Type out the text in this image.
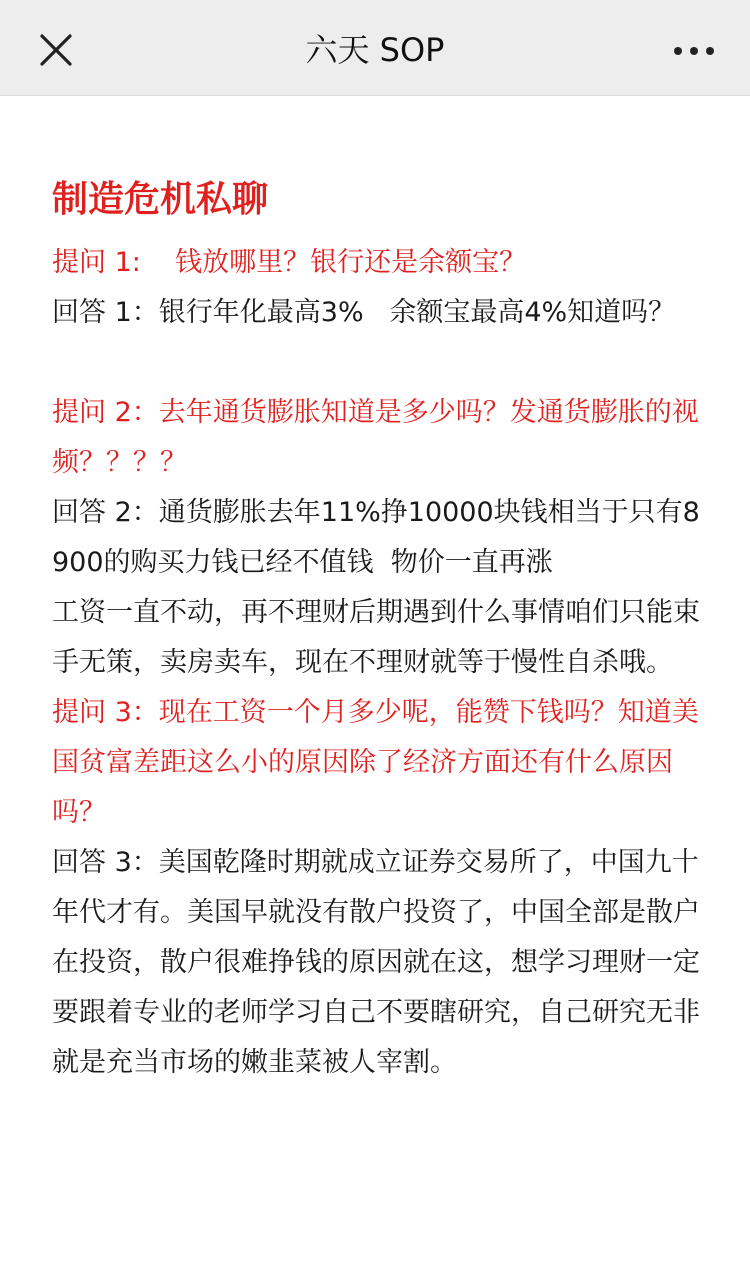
六天 SOP
制造危机私聊

提问 1:    钱放哪里？银行还是余额宝？

回答 1：银行年化最高3%   余额宝最高4%知道吗？

提问 2：去年通货膨胀知道是多少吗？发通货膨胀的视频？？？？

回答 2：通货膨胀去年11%挣10000块钱相当于只有8900的购买力钱已经不值钱  物价一直再涨
工资一直不动，再不理财后期遇到什么事情咱们只能束手无策，卖房卖车，现在不理财就等于慢性自杀哦。

提问 3：现在工资一个月多少呢，能赞下钱吗？知道美国贫富差距这么小的原因除了经济方面还有什么原因吗？

回答 3：美国乾隆时期就成立证券交易所了，中国九十年代才有。美国早就没有散户投资了，中国全部是散户在投资，散户很难挣钱的原因就在这，想学习理财一定要跟着专业的老师学习自己不要瞎研究，自己研究无非就是充当市场的嫩韭菜被人宰割。
